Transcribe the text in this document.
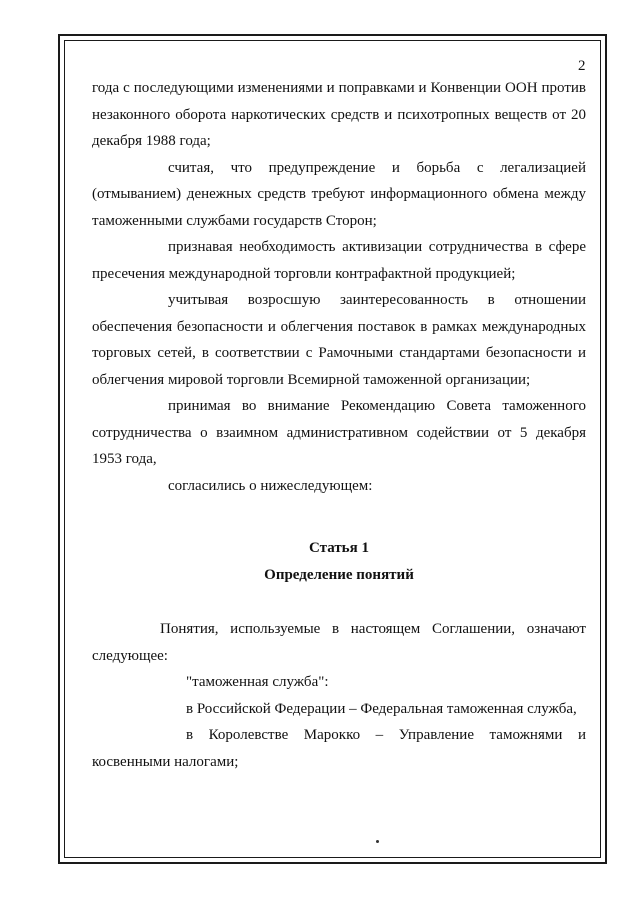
2

года с последующими изменениями и поправками и Конвенции ООН против незаконного оборота наркотических средств и психотропных веществ от 20 декабря 1988 года;

считая, что предупреждение и борьба с легализацией (отмыванием) денежных средств требуют информационного обмена между таможенными службами государств Сторон;

признавая необходимость активизации сотрудничества в сфере пресечения международной торговли контрафактной продукцией;

учитывая возросшую заинтересованность в отношении обеспечения безопасности и облегчения поставок в рамках международных торговых сетей, в соответствии с Рамочными стандартами безопасности и облегчения мировой торговли Всемирной таможенной организации;

принимая во внимание Рекомендацию Совета таможенного сотрудничества о взаимном административном содействии от 5 декабря 1953 года,

согласились о нижеследующем:

Статья 1

Определение понятий

Понятия, используемые в настоящем Соглашении, означают следующее:

"таможенная служба":

в Российской Федерации – Федеральная таможенная служба,

в Королевстве Марокко – Управление таможнями и косвенными налогами;
